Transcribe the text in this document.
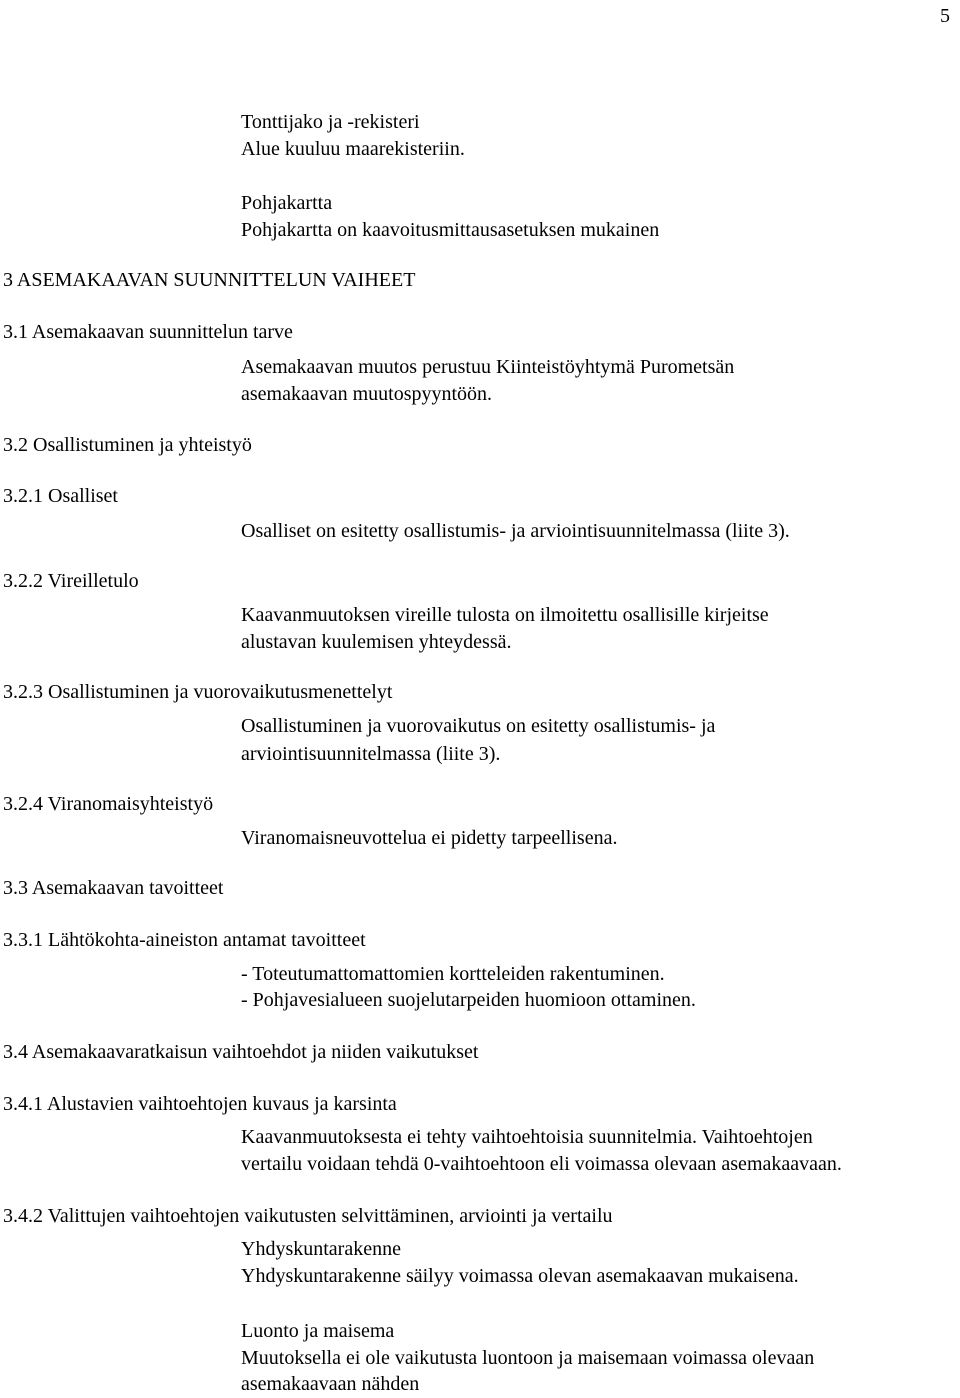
5
Tonttijako ja -rekisteri
Alue kuuluu maarekisteriin.
Pohjakartta
Pohjakartta on kaavoitusmittausasetuksen mukainen
3 ASEMAKAAVAN SUUNNITTELUN VAIHEET
3.1 Asemakaavan suunnittelun tarve
Asemakaavan muutos perustuu Kiinteistöyhtymä Purometsän
asemakaavan muutospyyntöön.
3.2 Osallistuminen ja yhteistyö
3.2.1 Osalliset
Osalliset on esitetty osallistumis- ja arviointisuunnitelmassa (liite 3).
3.2.2 Vireilletulo
Kaavanmuutoksen vireille tulosta on ilmoitettu osallisille kirjeitse
alustavan kuulemisen yhteydessä.
3.2.3 Osallistuminen ja vuorovaikutusmenettelyt
Osallistuminen ja vuorovaikutus on esitetty osallistumis- ja
arviointisuunnitelmassa (liite 3).
3.2.4 Viranomaisyhteistyö
Viranomaisneuvottelua ei pidetty tarpeellisena.
3.3 Asemakaavan tavoitteet
3.3.1 Lähtökohta-aineiston antamat tavoitteet
- Toteutumattomattomien kortteleiden rakentuminen.
- Pohjavesialueen suojelutarpeiden huomioon ottaminen.
3.4 Asemakaavaratkaisun vaihtoehdot ja niiden vaikutukset
3.4.1 Alustavien vaihtoehtojen kuvaus ja karsinta
Kaavanmuutoksesta ei tehty vaihtoehtoisia suunnitelmia. Vaihtoehtojen
vertailu voidaan tehdä 0-vaihtoehtoon eli voimassa olevaan asemakaavaan.
3.4.2 Valittujen vaihtoehtojen vaikutusten selvittäminen, arviointi ja vertailu
Yhdyskuntarakenne
Yhdyskuntarakenne säilyy voimassa olevan asemakaavan mukaisena.
Luonto ja maisema
Muutoksella ei ole vaikutusta luontoon ja maisemaan voimassa olevaan
asemakaavaan nähden
